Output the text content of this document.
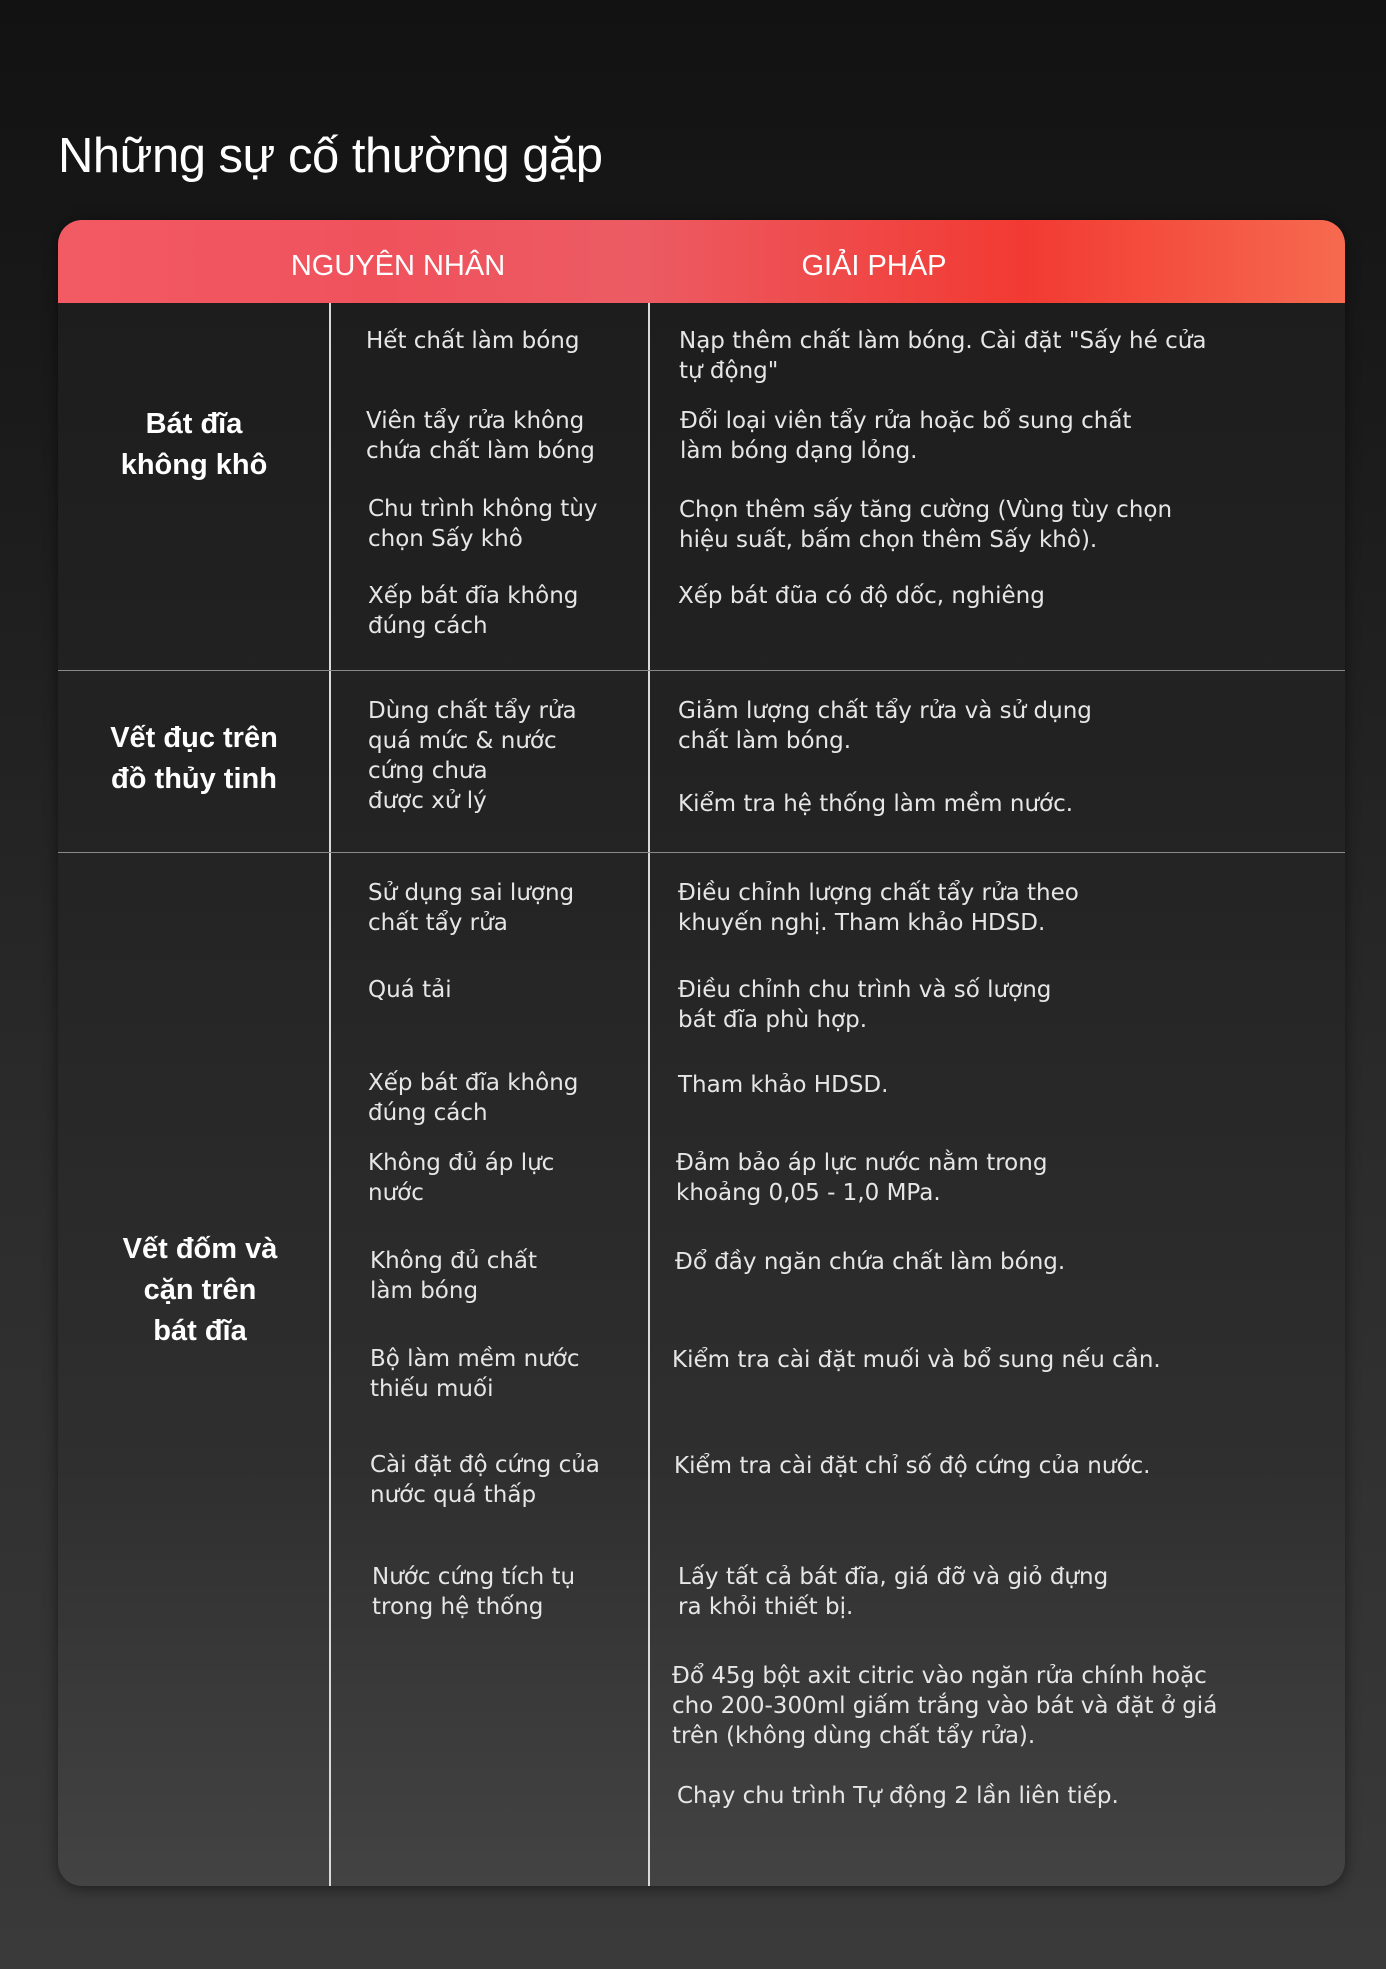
Những sự cố thường gặp
NGUYÊN NHÂN	GIẢI PHÁP
Bát đĩa
không khô
Hết chất làm bóng
Viên tẩy rửa không
chứa chất làm bóng
Chu trình không tùy
chọn Sấy khô
Xếp bát đĩa không
đúng cách
Nạp thêm chất làm bóng. Cài đặt "Sấy hé cửa
tự động"
Đổi loại viên tẩy rửa hoặc bổ sung chất
làm bóng dạng lỏng.
Chọn thêm sấy tăng cường (Vùng tùy chọn
hiệu suất, bấm chọn thêm Sấy khô).
Xếp bát đũa có độ dốc, nghiêng
Vết đục trên
đồ thủy tinh
Dùng chất tẩy rửa
quá mức & nước
cứng chưa
được xử lý
Giảm lượng chất tẩy rửa và sử dụng
chất làm bóng.
Kiểm tra hệ thống làm mềm nước.
Vết đốm và
cặn trên
bát đĩa
Sử dụng sai lượng
chất tẩy rửa
Quá tải
Xếp bát đĩa không
đúng cách
Không đủ áp lực
nước
Không đủ chất
làm bóng
Bộ làm mềm nước
thiếu muối
Cài đặt độ cứng của
nước quá thấp
Nước cứng tích tụ
trong hệ thống
Điều chỉnh lượng chất tẩy rửa theo
khuyến nghị. Tham khảo HDSD.
Điều chỉnh chu trình và số lượng
bát đĩa phù hợp.
Tham khảo HDSD.
Đảm bảo áp lực nước nằm trong
khoảng 0,05 - 1,0 MPa.
Đổ đầy ngăn chứa chất làm bóng.
Kiểm tra cài đặt muối và bổ sung nếu cần.
Kiểm tra cài đặt chỉ số độ cứng của nước.
Lấy tất cả bát đĩa, giá đỡ và giỏ đựng
ra khỏi thiết bị.
Đổ 45g bột axit citric vào ngăn rửa chính hoặc
cho 200-300ml giấm trắng vào bát và đặt ở giá
trên (không dùng chất tẩy rửa).
Chạy chu trình Tự động 2 lần liên tiếp.
